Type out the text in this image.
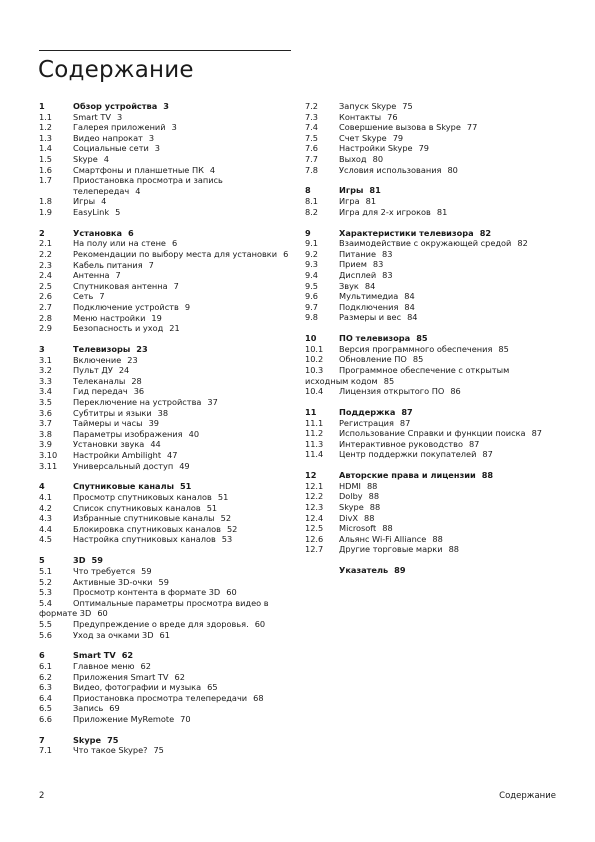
Содержание
1	Обзор устройства 3
1.1	Smart TV 3
1.2	Галерея приложений 3
1.3	Видео напрокат 3
1.4	Социальные сети 3
1.5	Skype 4
1.6	Смартфоны и планшетные ПК 4
1.7	Приостановка просмотра и запись телепередач 4
1.8	Игры 4
1.9	EasyLink 5
2	Установка 6
2.1	На полу или на стене 6
2.2	Рекомендации по выбору места для установки 6
2.3	Кабель питания 7
2.4	Антенна 7
2.5	Спутниковая антенна 7
2.6	Сеть 7
2.7	Подключение устройств 9
2.8	Меню настройки 19
2.9	Безопасность и уход 21
3	Телевизоры 23
3.1	Включение 23
3.2	Пульт ДУ 24
3.3	Телеканалы 28
3.4	Гид передач 36
3.5	Переключение на устройства 37
3.6	Субтитры и языки 38
3.7	Таймеры и часы 39
3.8	Параметры изображения 40
3.9	Установки звука 44
3.10	Настройки Ambilight 47
3.11	Универсальный доступ 49
4	Спутниковые каналы 51
4.1	Просмотр спутниковых каналов 51
4.2	Список спутниковых каналов 51
4.3	Избранные спутниковые каналы 52
4.4	Блокировка спутниковых каналов 52
4.5	Настройка спутниковых каналов 53
5	3D 59
5.1	Что требуется 59
5.2	Активные 3D-очки 59
5.3	Просмотр контента в формате 3D 60
5.4	Оптимальные параметры просмотра видео в формате 3D 60
5.5	Предупреждение о вреде для здоровья. 60
5.6	Уход за очками 3D 61
6	Smart TV 62
6.1	Главное меню 62
6.2	Приложения Smart TV 62
6.3	Видео, фотографии и музыка 65
6.4	Приостановка просмотра телепередачи 68
6.5	Запись 69
6.6	Приложение MyRemote 70
7	Skype 75
7.1	Что такое Skype? 75
7.2	Запуск Skype 75
7.3	Контакты 76
7.4	Совершение вызова в Skype 77
7.5	Счет Skype 79
7.6	Настройки Skype 79
7.7	Выход 80
7.8	Условия использования 80
8	Игры 81
8.1	Игра 81
8.2	Игра для 2-х игроков 81
9	Характеристики телевизора 82
9.1	Взаимодействие с окружающей средой 82
9.2	Питание 83
9.3	Прием 83
9.4	Дисплей 83
9.5	Звук 84
9.6	Мультимедиа 84
9.7	Подключения 84
9.8	Размеры и вес 84
10	ПО телевизора 85
10.1	Версия программного обеспечения 85
10.2	Обновление ПО 85
10.3	Программное обеспечение с открытым исходным кодом 85
10.4	Лицензия открытого ПО 86
11	Поддержка 87
11.1	Регистрация 87
11.2	Использование Справки и функции поиска 87
11.3	Интерактивное руководство 87
11.4	Центр поддержки покупателей 87
12	Авторские права и лицензии 88
12.1	HDMI 88
12.2	Dolby 88
12.3	Skype 88
12.4	DivX 88
12.5	Microsoft 88
12.6	Альянс Wi-Fi Alliance 88
12.7	Другие торговые марки 88
Указатель 89
2	Содержание
